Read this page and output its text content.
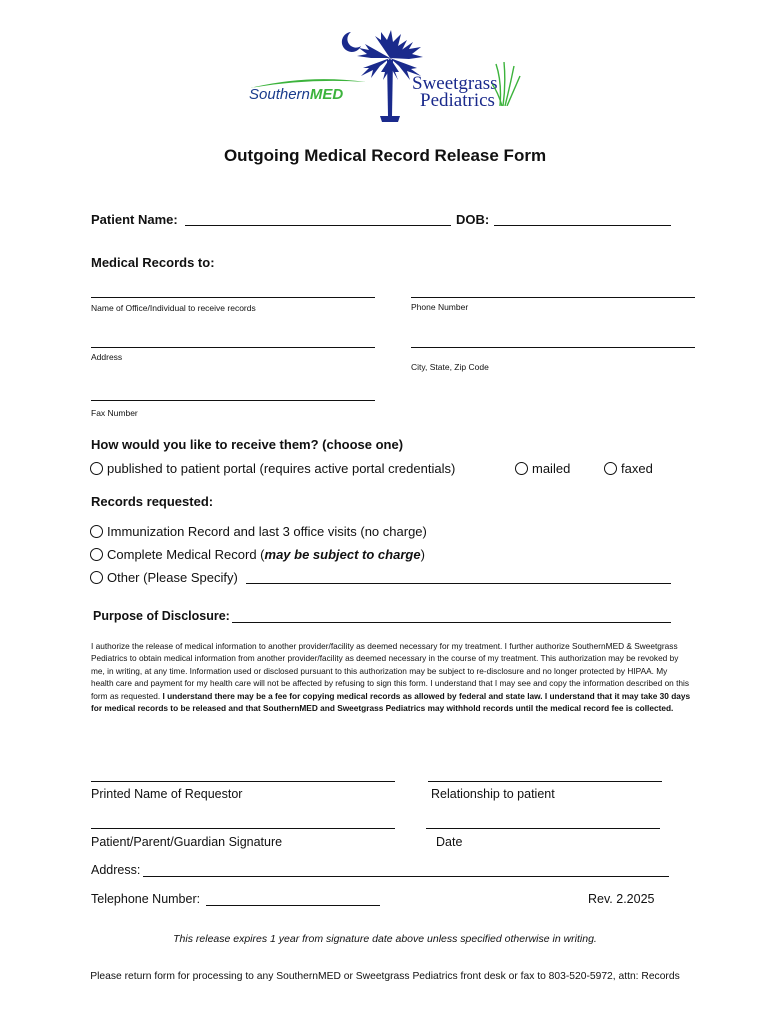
SouthernMED
Sweetgrass
Pediatrics
Outgoing Medical Record Release Form
Patient Name:	DOB:
Medical Records to:
Name of Office/Individual to receive records	Phone Number
Address
City, State, Zip Code
Fax Number
How would you like to receive them? (choose one)
published to patient portal (requires active portal credentials)	mailed	faxed
Records requested:
Immunization Record and last 3 office visits (no charge)
Complete Medical Record (may be subject to charge)
Other (Please Specify)
Purpose of Disclosure:
I authorize the release of medical information to another provider/facility as deemed necessary for my treatment. I further authorize SouthernMED & Sweetgrass Pediatrics to obtain medical information from another provider/facility as deemed necessary in the course of my treatment. This authorization may be revoked by me, in writing, at any time. Information used or disclosed pursuant to this authorization may be subject to re-disclosure and no longer protected by HIPAA. My health care and payment for my health care will not be affected by refusing to sign this form. I understand that I may see and copy the information described on this form as requested. I understand there may be a fee for copying medical records as allowed by federal and state law. I understand that it may take 30 days for medical records to be released and that SouthernMED and Sweetgrass Pediatrics may withhold records until the medical record fee is collected.
Printed Name of Requestor	Relationship to patient
Patient/Parent/Guardian Signature	Date
Address:
Telephone Number:	Rev. 2.2025
This release expires 1 year from signature date above unless specified otherwise in writing.
Please return form for processing to any SouthernMED or Sweetgrass Pediatrics front desk or fax to 803-520-5972, attn: Records
